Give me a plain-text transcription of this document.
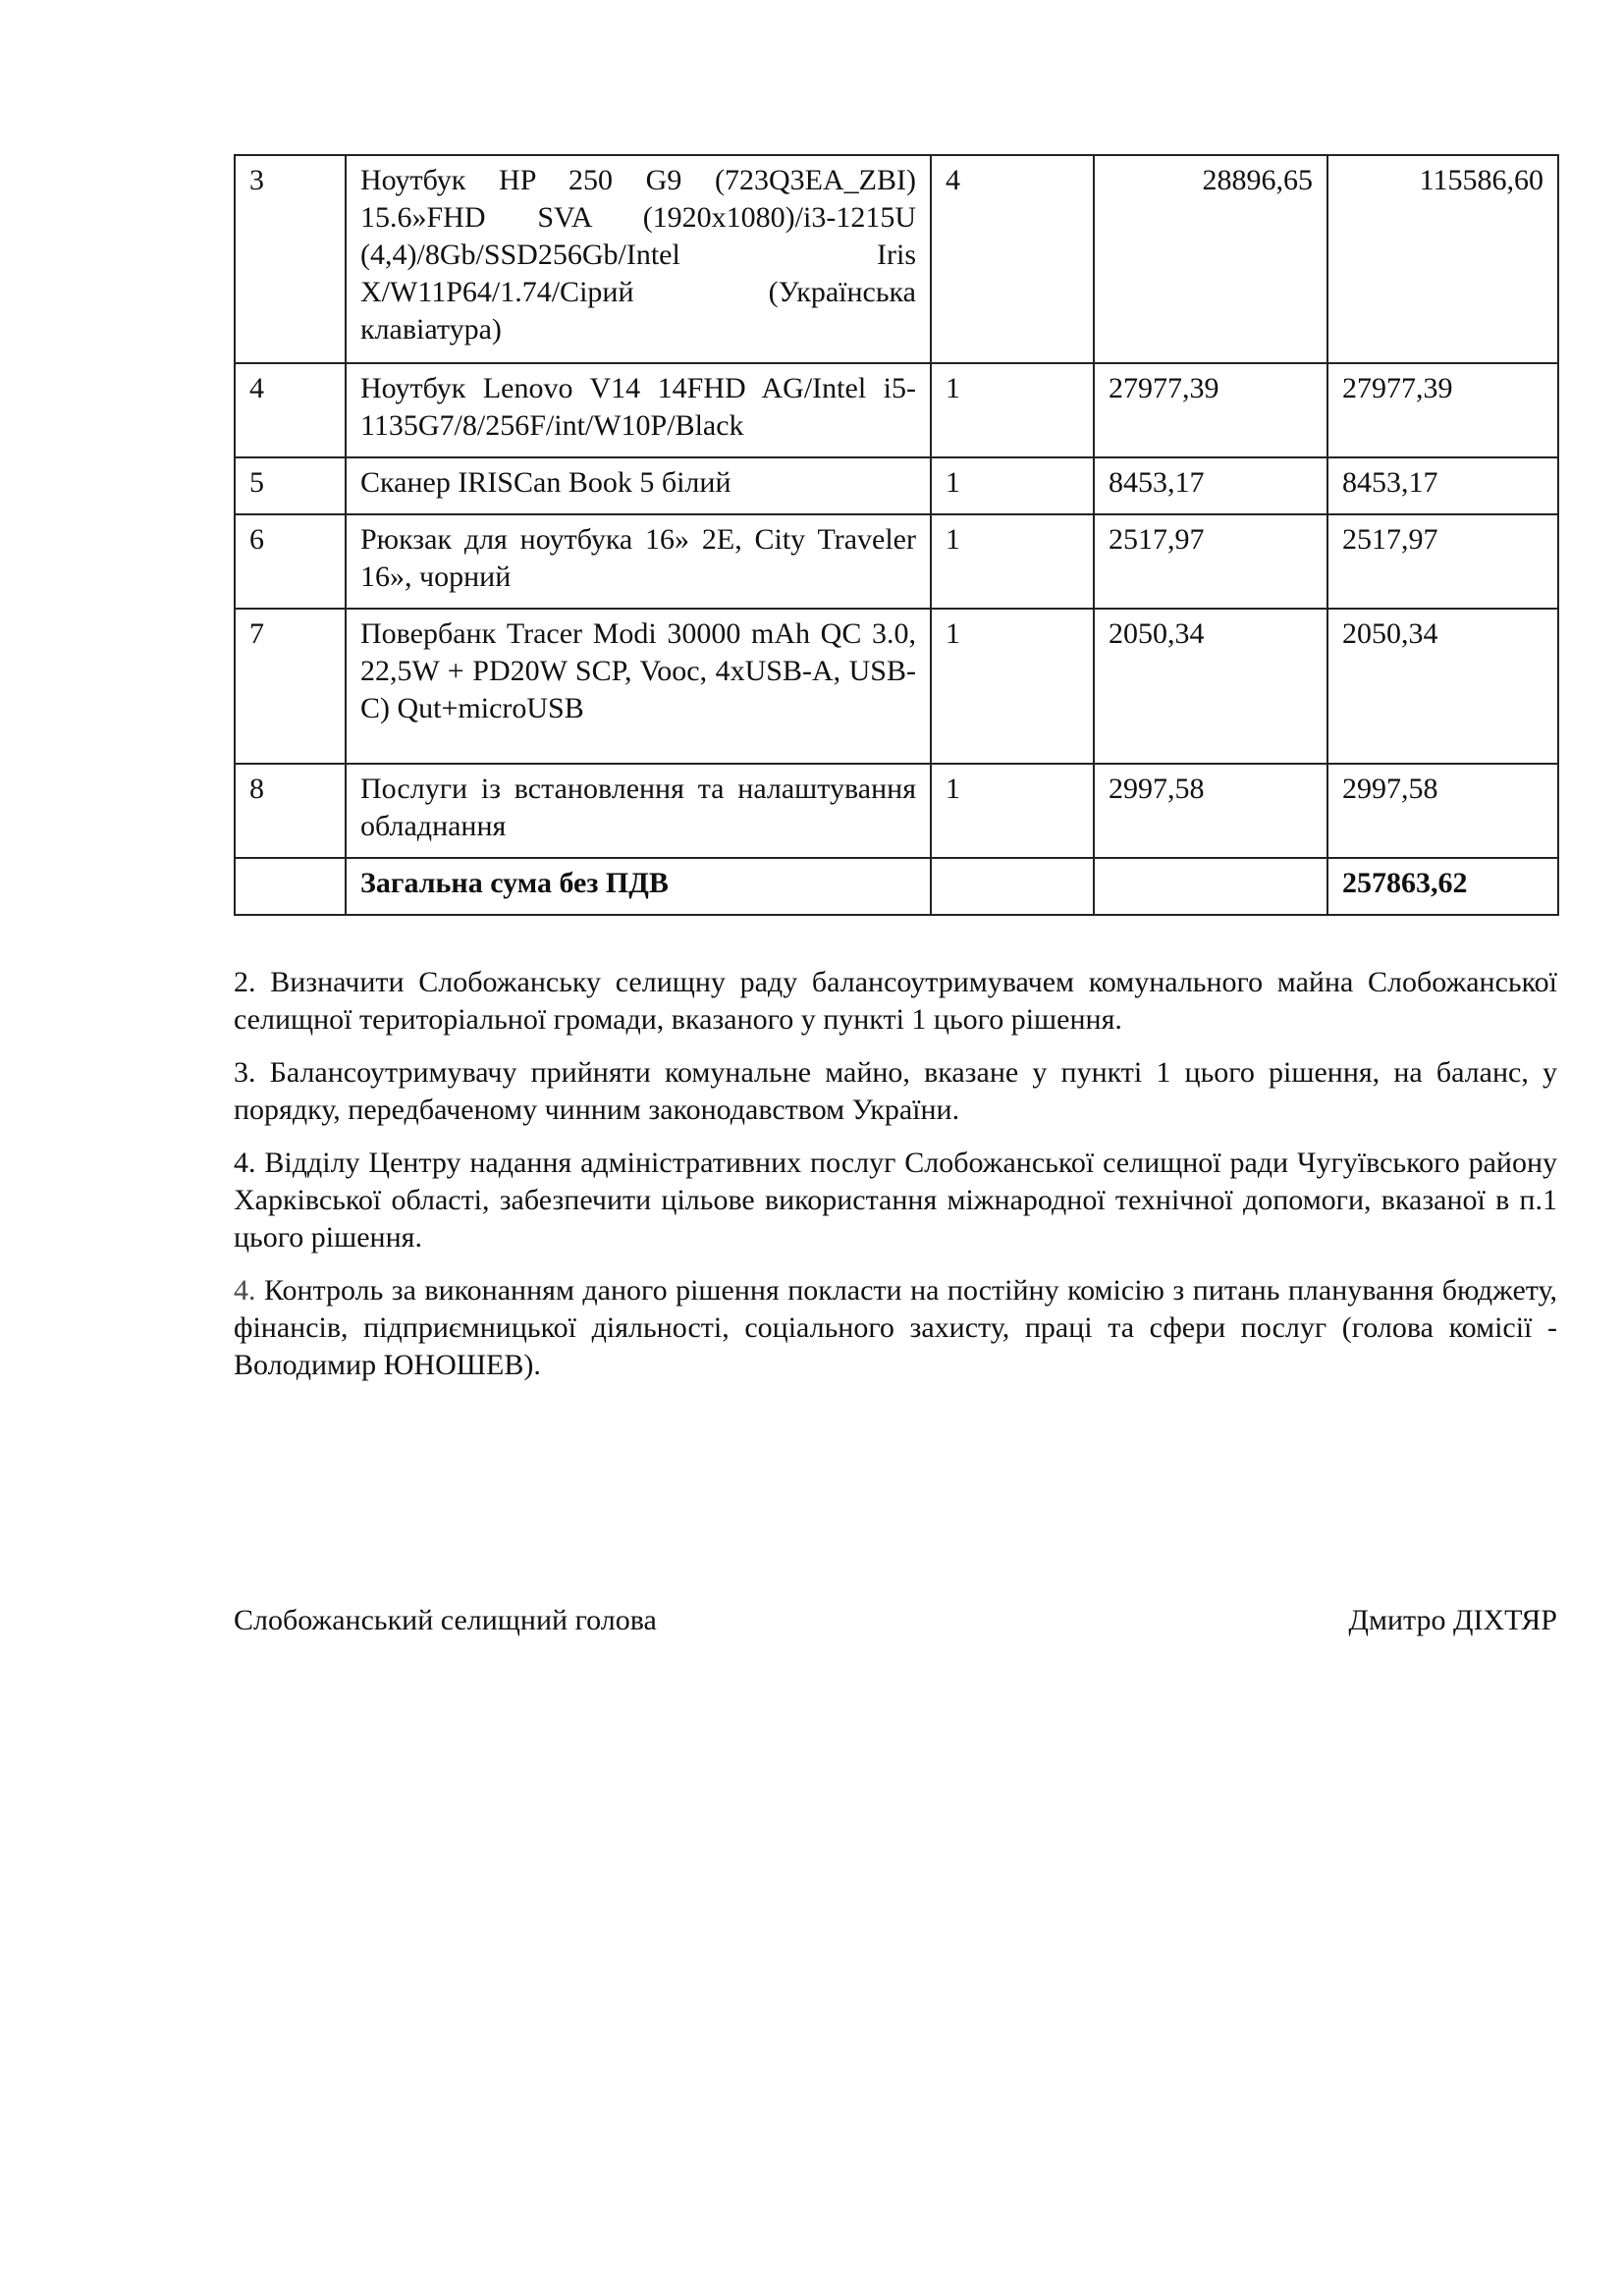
3	Ноутбук HP 250 G9 (723Q3EA_ZBI) 15.6»FHD SVA (1920x1080)/i3-1215U (4,4)/8Gb/SSD256Gb/Intel Iris X/W11P64/1.74/Сірий (Українська клавіатура)	4	28896,65	115586,60
4	Ноутбук Lenovo V14 14FHD AG/Intel i5-1135G7/8/256F/int/W10P/Black	1	27977,39	27977,39
5	Сканер IRISCan Book 5 білий	1	8453,17	8453,17
6	Рюкзак для ноутбука 16» 2E, City Traveler 16», чорний	1	2517,97	2517,97
7	Повербанк Tracer Modi 30000 mAh QC 3.0, 22,5W + PD20W SCP, Vooc, 4xUSB-A, USB-C) Qut+microUSB	1	2050,34	2050,34
8	Послуги із встановлення та налаштування обладнання	1	2997,58	2997,58
	Загальна сума без ПДВ			257863,62

2. Визначити Слобожанську селищну раду балансоутримувачем комунального майна Слобожанської селищної територіальної громади, вказаного у пункті 1 цього рішення.

3. Балансоутримувачу прийняти комунальне майно, вказане у пункті 1 цього рішення, на баланс, у порядку, передбаченому чинним законодавством України.

4. Відділу Центру надання адміністративних послуг Слобожанської селищної ради Чугуївського району Харківської області, забезпечити цільове використання міжнародної технічної допомоги, вказаної в п.1 цього рішення.

4. Контроль за виконанням даного рішення покласти на постійну комісію з питань планування бюджету, фінансів, підприємницької діяльності, соціального захисту, праці та сфери послуг (голова комісії - Володимир ЮНОШЕВ).

Слобожанський селищний голова	Дмитро ДІХТЯР
